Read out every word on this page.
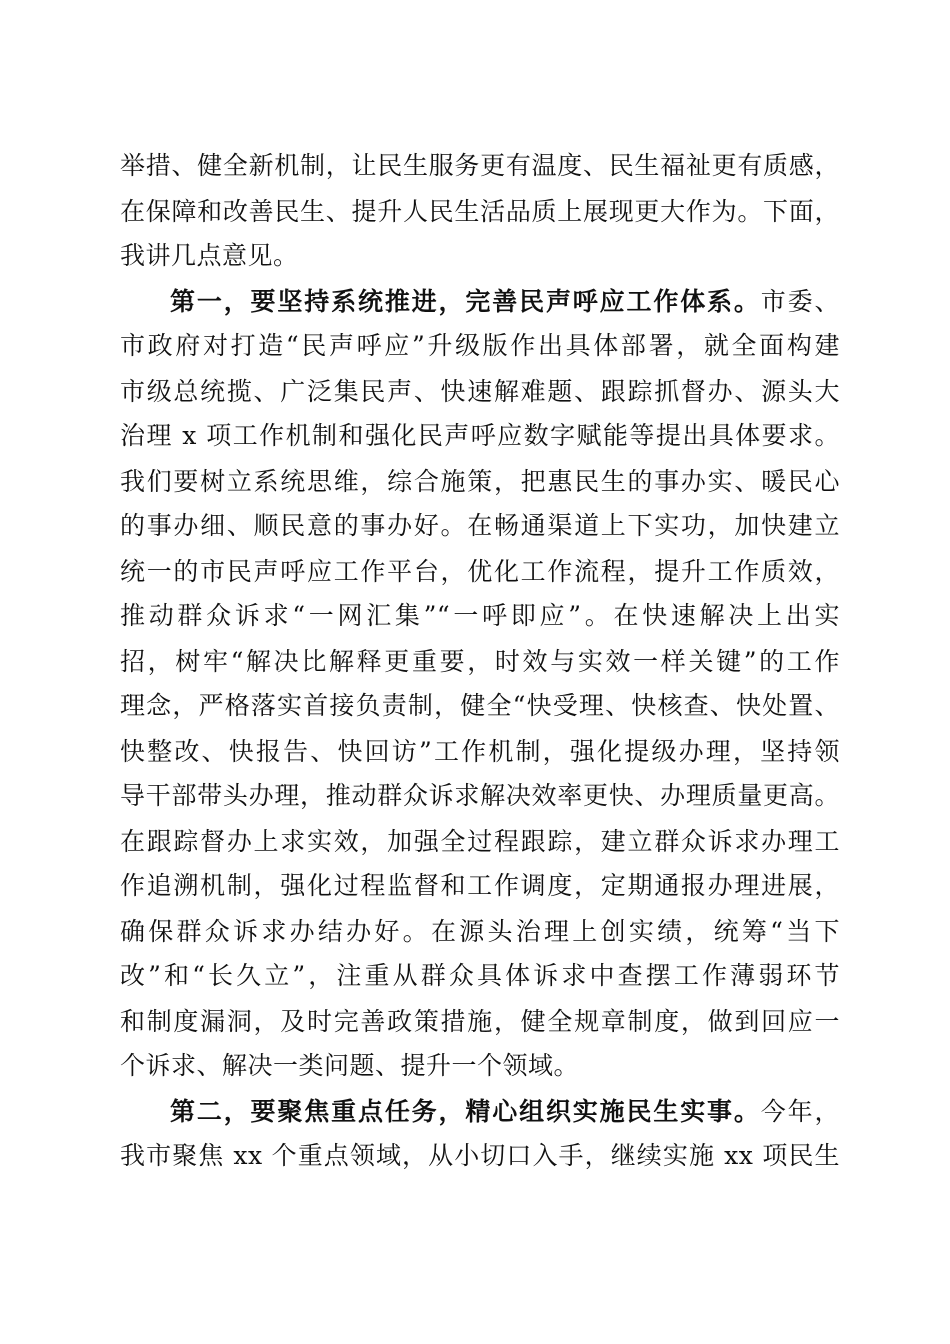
举措、健全新机制，让民生服务更有温度、民生福祉更有质感，
在保障和改善民生、提升人民生活品质上展现更大作为。下面，
我讲几点意见。
第一，要坚持系统推进，完善民声呼应工作体系。市委、
市政府对打造“民声呼应”升级版作出具体部署，就全面构建
市级总统揽、广泛集民声、快速解难题、跟踪抓督办、源头大
治理 x 项工作机制和强化民声呼应数字赋能等提出具体要求。
我们要树立系统思维，综合施策，把惠民生的事办实、暖民心
的事办细、顺民意的事办好。在畅通渠道上下实功，加快建立
统一的市民声呼应工作平台，优化工作流程，提升工作质效，
推动群众诉求“一网汇集”“一呼即应”。在快速解决上出实
招，树牢“解决比解释更重要，时效与实效一样关键”的工作
理念，严格落实首接负责制，健全“快受理、快核查、快处置、
快整改、快报告、快回访”工作机制，强化提级办理，坚持领
导干部带头办理，推动群众诉求解决效率更快、办理质量更高。
在跟踪督办上求实效，加强全过程跟踪，建立群众诉求办理工
作追溯机制，强化过程监督和工作调度，定期通报办理进展，
确保群众诉求办结办好。在源头治理上创实绩，统筹“当下
改”和“长久立”，注重从群众具体诉求中查摆工作薄弱环节
和制度漏洞，及时完善政策措施，健全规章制度，做到回应一
个诉求、解决一类问题、提升一个领域。
第二，要聚焦重点任务，精心组织实施民生实事。今年，
我市聚焦 xx 个重点领域，从小切口入手，继续实施 xx 项民生
